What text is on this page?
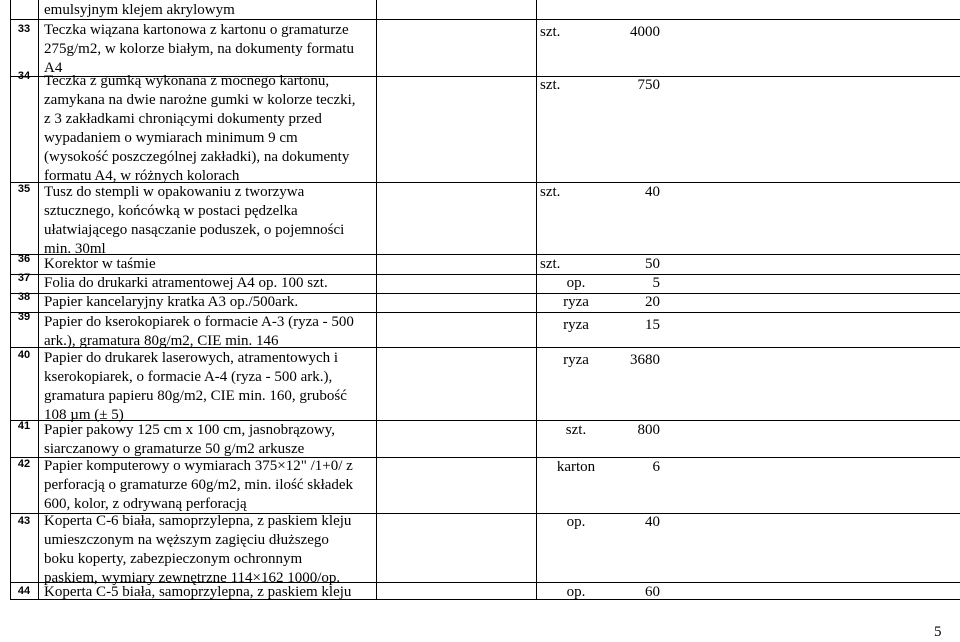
emulsyjnym klejem akrylowym
33 Teczka wiązana kartonowa z kartonu o gramaturze
275g/m2, w kolorze białym, na dokumenty formatu
A4
szt.	4000
34 Teczka z gumką wykonana z mocnego kartonu,
zamykana na dwie narożne gumki w kolorze teczki,
z 3 zakładkami chroniącymi dokumenty przed
wypadaniem o wymiarach minimum 9 cm
(wysokość poszczególnej zakładki), na dokumenty
formatu A4, w różnych kolorach
szt.	750
35 Tusz do stempli w opakowaniu z tworzywa
sztucznego, końcówką w postaci pędzelka
ułatwiającego nasączanie poduszek, o pojemności
min. 30ml
szt.	40
36 Korektor w taśmie	szt.	50
37 Folia do drukarki atramentowej A4 op. 100 szt.	op.	5
38 Papier kancelaryjny kratka A3 op./500ark.	ryza	20
39 Papier do kserokopiarek o formacie A-3 (ryza - 500
ark.), gramatura 80g/m2, CIE min. 146
ryza	15
40 Papier do drukarek laserowych, atramentowych i
kserokopiarek, o formacie A-4 (ryza - 500 ark.),
gramatura papieru 80g/m2, CIE min. 160, grubość
108 µm (± 5)
ryza	3680
41 Papier pakowy 125 cm x 100 cm, jasnobrązowy,
siarczanowy o gramaturze 50 g/m2 arkusze
szt.	800
42 Papier komputerowy o wymiarach 375×12" /1+0/ z
perforacją o gramaturze 60g/m2, min. ilość składek
600, kolor, z odrywaną perforacją
karton	6
43 Koperta C-6 biała, samoprzylepna, z paskiem kleju
umieszczonym na węższym zagięciu dłuższego
boku koperty, zabezpieczonym ochronnym
paskiem, wymiary zewnętrzne 114×162 1000/op.
op.	40
44 Koperta C-5 biała, samoprzylepna, z paskiem kleju	op.	60
5
